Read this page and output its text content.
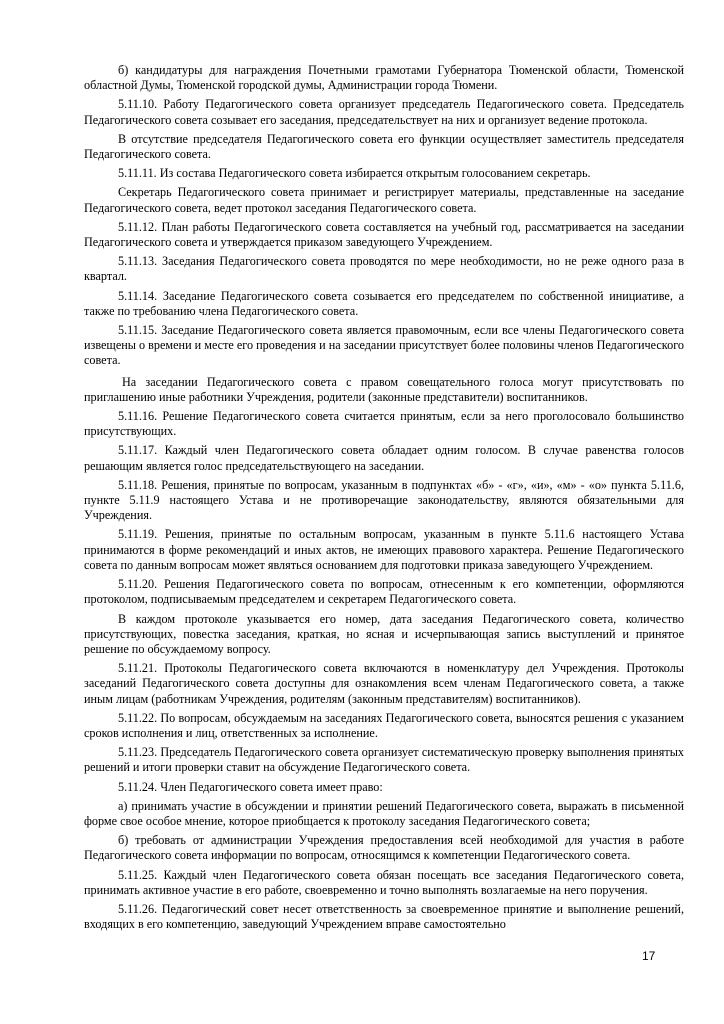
б) кандидатуры для награждения Почетными грамотами Губернатора Тюменской области, Тюменской областной Думы, Тюменской городской думы, Администрации города Тюмени.

5.11.10. Работу Педагогического совета организует председатель Педагогического совета. Председатель Педагогического совета созывает его заседания, председательствует на них и организует ведение протокола.

В отсутствие председателя Педагогического совета его функции осуществляет заместитель председателя Педагогического совета.

5.11.11. Из состава Педагогического совета избирается открытым голосованием секретарь.

Секретарь Педагогического совета принимает и регистрирует материалы, представленные на заседание Педагогического совета, ведет протокол заседания Педагогического совета.

5.11.12. План работы Педагогического совета составляется на учебный год, рассматривается на заседании Педагогического совета и утверждается приказом заведующего Учреждением.

5.11.13. Заседания Педагогического совета проводятся по мере необходимости, но не реже одного раза в квартал.

5.11.14. Заседание Педагогического совета созывается его председателем по собственной инициативе, а также по требованию члена Педагогического совета.

5.11.15. Заседание Педагогического совета является правомочным, если все члены Педагогического совета извещены о времени и месте его проведения и на заседании присутствует более половины членов Педагогического совета.

На заседании Педагогического совета с правом совещательного голоса могут присутствовать по приглашению иные работники Учреждения, родители (законные представители) воспитанников.

5.11.16. Решение Педагогического совета считается принятым, если за него проголосовало большинство присутствующих.

5.11.17. Каждый член Педагогического совета обладает одним голосом. В случае равенства голосов решающим является голос председательствующего на заседании.

5.11.18. Решения, принятые по вопросам, указанным в подпунктах «б» - «г», «и», «м» - «о» пункта 5.11.6, пункте 5.11.9 настоящего Устава и не противоречащие законодательству, являются обязательными для Учреждения.

5.11.19. Решения, принятые по остальным вопросам, указанным в пункте 5.11.6 настоящего Устава принимаются в форме рекомендаций и иных актов, не имеющих правового характера. Решение Педагогического совета по данным вопросам может являться основанием для подготовки приказа заведующего Учреждением.

5.11.20. Решения Педагогического совета по вопросам, отнесенным к его компетенции, оформляются протоколом, подписываемым председателем и секретарем Педагогического совета.

В каждом протоколе указывается его номер, дата заседания Педагогического совета, количество присутствующих, повестка заседания, краткая, но ясная и исчерпывающая запись выступлений и принятое решение по обсуждаемому вопросу.

5.11.21. Протоколы Педагогического совета включаются в номенклатуру дел Учреждения. Протоколы заседаний Педагогического совета доступны для ознакомления всем членам Педагогического совета, а также иным лицам (работникам Учреждения, родителям (законным представителям) воспитанников).

5.11.22. По вопросам, обсуждаемым на заседаниях Педагогического совета, выносятся решения с указанием сроков исполнения и лиц, ответственных за исполнение.

5.11.23. Председатель Педагогического совета организует систематическую проверку выполнения принятых решений и итоги проверки ставит на обсуждение Педагогического совета.

5.11.24. Член Педагогического совета имеет право:

а) принимать участие в обсуждении и принятии решений Педагогического совета, выражать в письменной форме свое особое мнение, которое приобщается к протоколу заседания Педагогического совета;

б) требовать от администрации Учреждения предоставления всей необходимой для участия в работе Педагогического совета информации по вопросам, относящимся к компетенции Педагогического совета.

5.11.25. Каждый член Педагогического совета обязан посещать все заседания Педагогического совета, принимать активное участие в его работе, своевременно и точно выполнять возлагаемые на него поручения.

5.11.26. Педагогический совет несет ответственность за своевременное принятие и выполнение решений, входящих в его компетенцию, заведующий Учреждением вправе самостоятельно

17
